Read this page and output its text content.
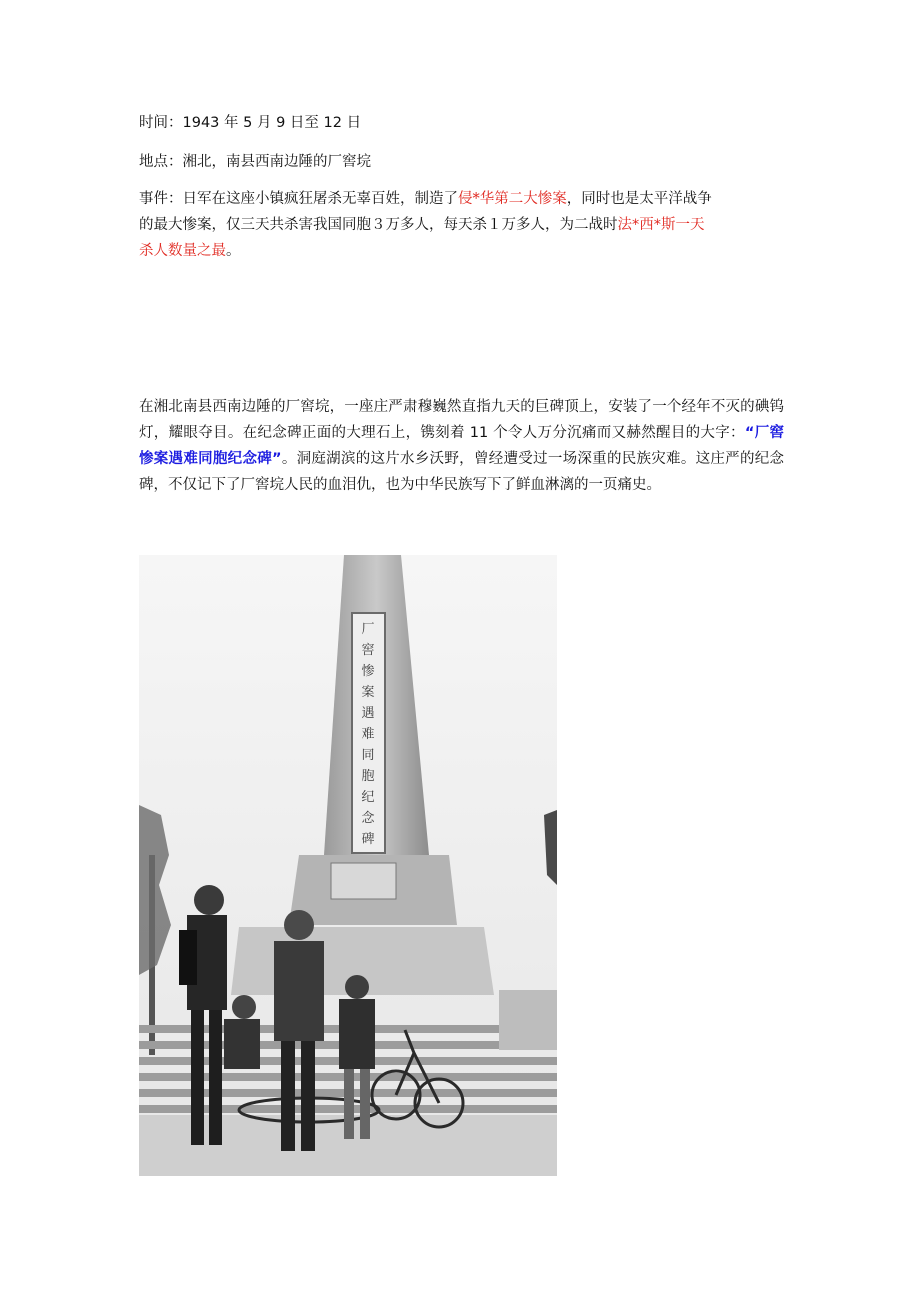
时间：1943 年 5 月 9 日至 12 日
地点：湘北，南县西南边陲的厂窖垸
事件：日军在这座小镇疯狂屠杀无辜百姓，制造了侵*华第二大惨案，同时也是太平洋战争
的最大惨案，仅三天共杀害我国同胞３万多人，每天杀１万多人，为二战时法*西*斯一天
杀人数量之最。
在湘北南县西南边陲的厂窖垸，一座庄严肃穆巍然直指九天的巨碑顶上，安装了一个经年不灭的碘钨灯，耀眼夺目。在纪念碑正面的大理石上，镌刻着 11 个令人万分沉痛而又赫然醒目的大字：“厂窖惨案遇难同胞纪念碑”。洞庭湖滨的这片水乡沃野，曾经遭受过一场深重的民族灾难。这庄严的纪念碑，不仅记下了厂窖垸人民的血泪仇，也为中华民族写下了鲜血淋漓的一页痛史。
厂
窖
惨
案
遇
难
同
胞
纪
念
碑
